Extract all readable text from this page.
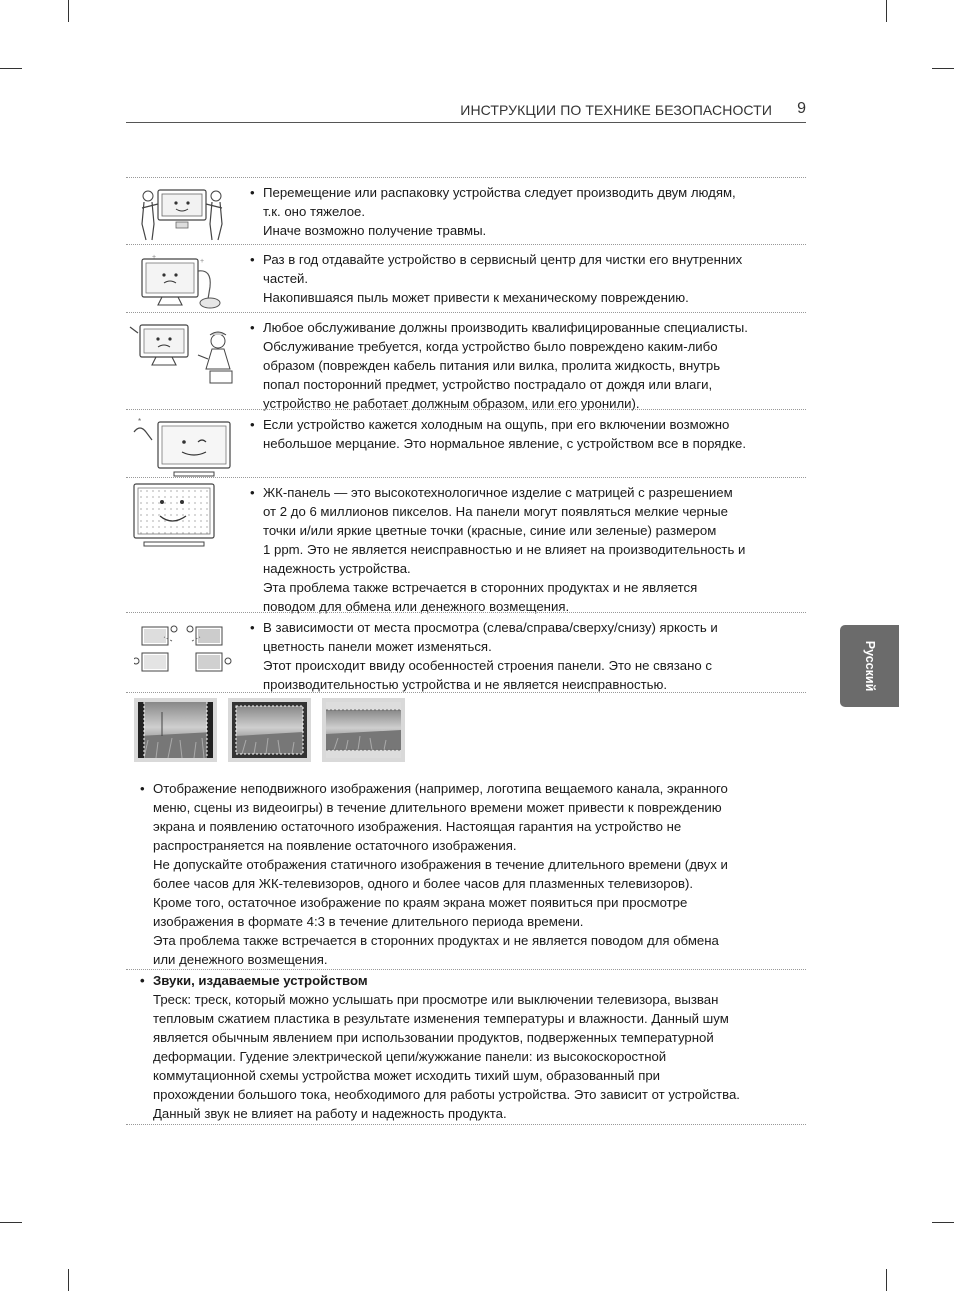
ИНСТРУКЦИИ ПО ТЕХНИКЕ БЕЗОПАСНОСТИ 9
Русский
• Перемещение или распаковку устройства следует производить двум людям,
т.к. оно тяжелое.
Иначе возможно получение травмы.
+
+	• Раз в год отдавайте устройство в сервисный центр для чистки его внутренних
частей.
Накопившаяся пыль может привести к механическому повреждению.
• Любое обслуживание должны производить квалифицированные специалисты.
Обслуживание требуется, когда устройство было повреждено каким-либо
образом (поврежден кабель питания или вилка, пролита жидкость, внутрь
попал посторонний предмет, устройство пострадало от дождя или влаги,
устройство не работает должным образом, или его уронили).
*	• Если устройство кажется холодным на ощупь, при его включении возможно
небольшое мерцание. Это нормальное явление, с устройством все в порядке.
• ЖК-панель — это высокотехнологичное изделие с матрицей с разрешением
от 2 до 6 миллионов пикселов. На панели могут появляться мелкие черные
точки и/или яркие цветные точки (красные, синие или зеленые) размером
1 ppm. Это не является неисправностью и не влияет на производительность и
надежность устройства.
Эта проблема также встречается в сторонних продуктах и не является
поводом для обмена или денежного возмещения.
• В зависимости от места просмотра (слева/справа/сверху/снизу) яркость и
цветность панели может изменяться.
Этот происходит ввиду особенностей строения панели. Это не связано с
производительностью устройства и не является неисправностью.
• Отображение неподвижного изображения (например, логотипа вещаемого канала, экранного
меню, сцены из видеоигры) в течение длительного времени может привести к повреждению
экрана и появлению остаточного изображения. Настоящая гарантия на устройство не
распространяется на появление остаточного изображения.
Не допускайте отображения статичного изображения в течение длительного времени (двух и
более часов для ЖК-телевизоров, одного и более часов для плазменных телевизоров).
Кроме того, остаточное изображение по краям экрана может появиться при просмотре
изображения в формате 4:3 в течение длительного периода времени.
Эта проблема также встречается в сторонних продуктах и не является поводом для обмена
или денежного возмещения.
• Звуки, издаваемые устройством
Треск: треск, который можно услышать при просмотре или выключении телевизора, вызван
тепловым сжатием пластика в результате изменения температуры и влажности. Данный шум
является обычным явлением при использовании продуктов, подверженных температурной
деформации. Гудение электрической цепи/жужжание панели: из высокоскоростной
коммутационной схемы устройства может исходить тихий шум, образованный при
прохождении большого тока, необходимого для работы устройства. Это зависит от устройства.
Данный звук не влияет на работу и надежность продукта.
